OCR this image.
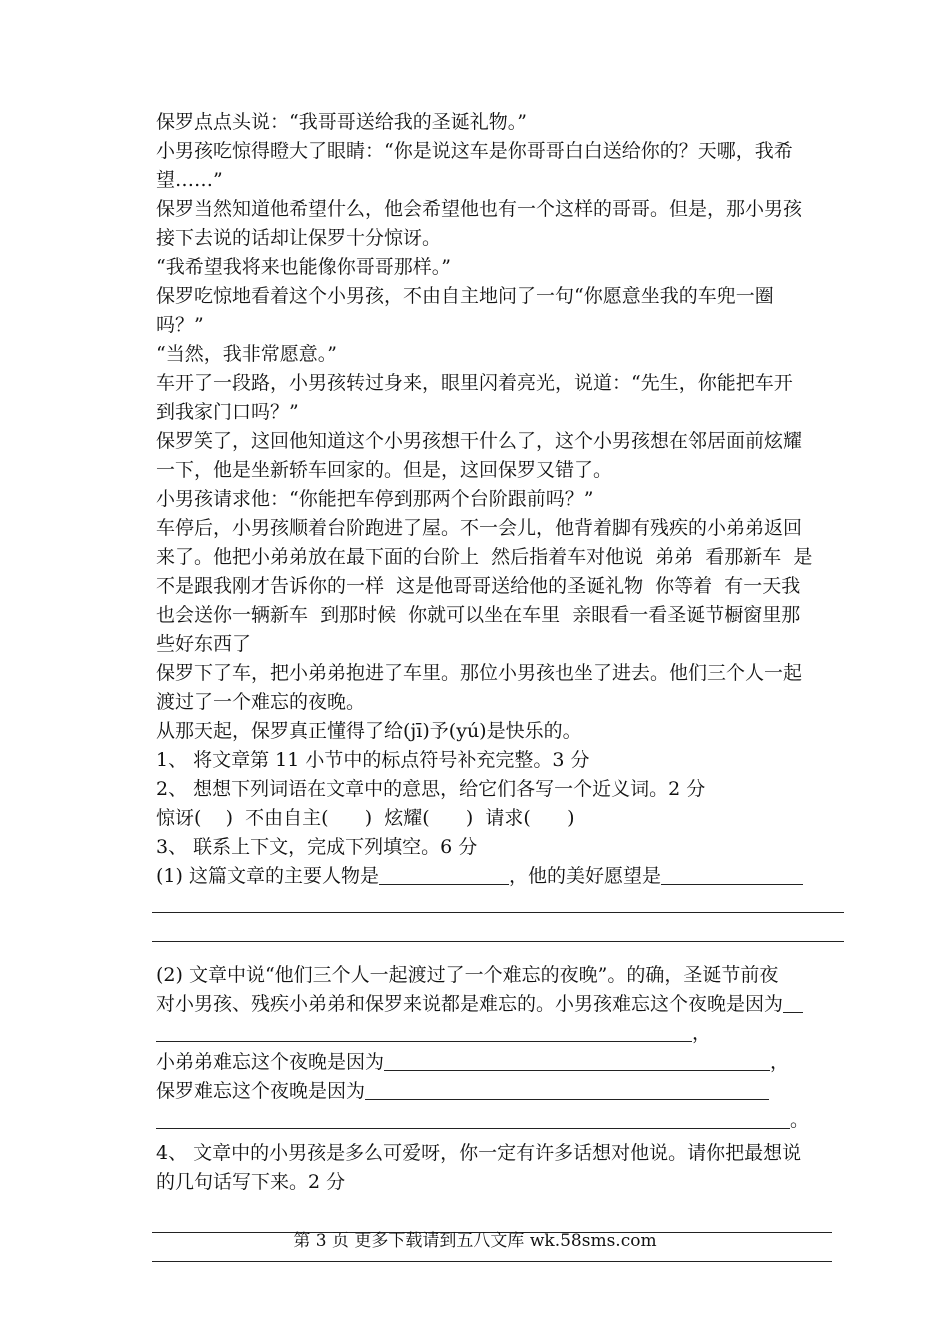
保罗点点头说：“我哥哥送给我的圣诞礼物。”
小男孩吃惊得瞪大了眼睛：“你是说这车是你哥哥白白送给你的？天哪，我希
望……”
保罗当然知道他希望什么，他会希望他也有一个这样的哥哥。但是，那小男孩
接下去说的话却让保罗十分惊讶。
“我希望我将来也能像你哥哥那样。”
保罗吃惊地看着这个小男孩，不由自主地问了一句“你愿意坐我的车兜一圈
吗？”
“当然，我非常愿意。”
车开了一段路，小男孩转过身来，眼里闪着亮光，说道：“先生，你能把车开
到我家门口吗？”
保罗笑了，这回他知道这个小男孩想干什么了，这个小男孩想在邻居面前炫耀
一下，他是坐新轿车回家的。但是，这回保罗又错了。
小男孩请求他：“你能把车停到那两个台阶跟前吗？”
车停后，小男孩顺着台阶跑进了屋。不一会儿，他背着脚有残疾的小弟弟返回
来了。他把小弟弟放在最下面的台阶上  然后指着车对他说  弟弟  看那新车  是
不是跟我刚才告诉你的一样  这是他哥哥送给他的圣诞礼物  你等着  有一天我
也会送你一辆新车  到那时候  你就可以坐在车里  亲眼看一看圣诞节橱窗里那
些好东西了
保罗下了车，把小弟弟抱进了车里。那位小男孩也坐了进去。他们三个人一起
渡过了一个难忘的夜晚。
从那天起，保罗真正懂得了给(jī)予(yú)是快乐的。
1、 将文章第 11 小节中的标点符号补充完整。3 分
2、 想想下列词语在文章中的意思，给它们各写一个近义词。2 分
惊讶( )  不由自主( )  炫耀( )  请求( )
3、 联系上下文，完成下列填空。6 分
(1) 这篇文章的主要人物是	，他的美好愿望是
(2) 文章中说“他们三个人一起渡过了一个难忘的夜晚”。的确，圣诞节前夜
对小男孩、残疾小弟弟和保罗来说都是难忘的。小男孩难忘这个夜晚是因为
，
小弟弟难忘这个夜晚是因为	，
保罗难忘这个夜晚是因为
。
4、 文章中的小男孩是多么可爱呀，你一定有许多话想对他说。请你把最想说
的几句话写下来。2 分
第 3 页 更多下载请到五八文库 wk.58sms.com
